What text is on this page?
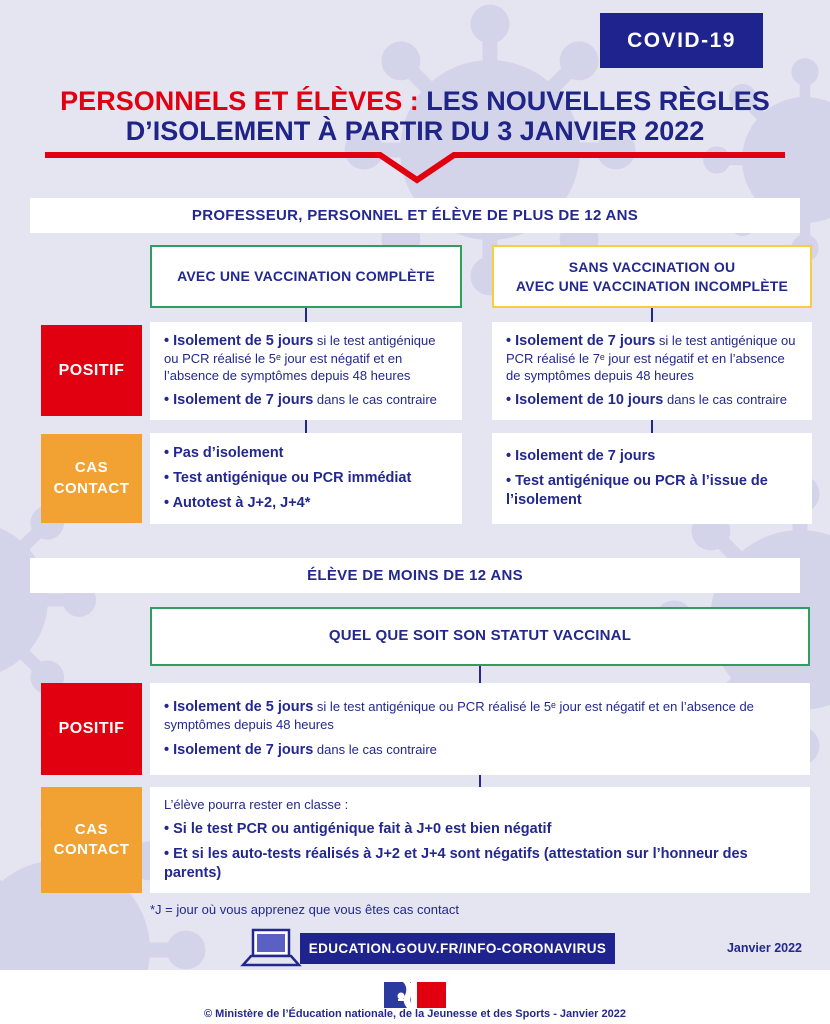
COVID-19
PERSONNELS ET ÉLÈVES : LES NOUVELLES RÈGLES
D’ISOLEMENT À PARTIR DU 3 JANVIER 2022
PROFESSEUR, PERSONNEL ET ÉLÈVE DE PLUS DE 12 ANS
AVEC UNE VACCINATION COMPLÈTE
SANS VACCINATION OU
AVEC UNE VACCINATION INCOMPLÈTE
POSITIF

• Isolement de 5 jours si le test antigénique ou PCR réalisé le 5ᵉ jour est négatif et en l’absence de symptômes depuis 48 heures

• Isolement de 7 jours dans le cas contraire

• Isolement de 7 jours si le test antigénique ou PCR réalisé le 7ᵉ jour est négatif et en l’absence de symptômes depuis 48 heures

• Isolement de 10 jours dans le cas contraire

CAS
CONTACT

• Pas d’isolement

• Test antigénique ou PCR immédiat

• Autotest à J+2, J+4*

• Isolement de 7 jours

• Test antigénique ou PCR à l’issue de l’isolement

ÉLÈVE DE MOINS DE 12 ANS
QUEL QUE SOIT SON STATUT VACCINAL
POSITIF

• Isolement de 5 jours si le test antigénique ou PCR réalisé le 5ᵉ jour est négatif et en l’absence de symptômes depuis 48 heures

• Isolement de 7 jours dans le cas contraire

CAS
CONTACT

L’élève pourra rester en classe :

• Si le test PCR ou antigénique fait à J+0 est bien négatif

• Et si les auto-tests réalisés à J+2 et J+4 sont négatifs (attestation sur l’honneur des parents)

*J = jour où vous apprenez que vous êtes cas contact
EDUCATION.GOUV.FR/INFO-CORONAVIRUS	Janvier 2022
© Ministère de l’Éducation nationale, de la Jeunesse et des Sports - Janvier 2022
